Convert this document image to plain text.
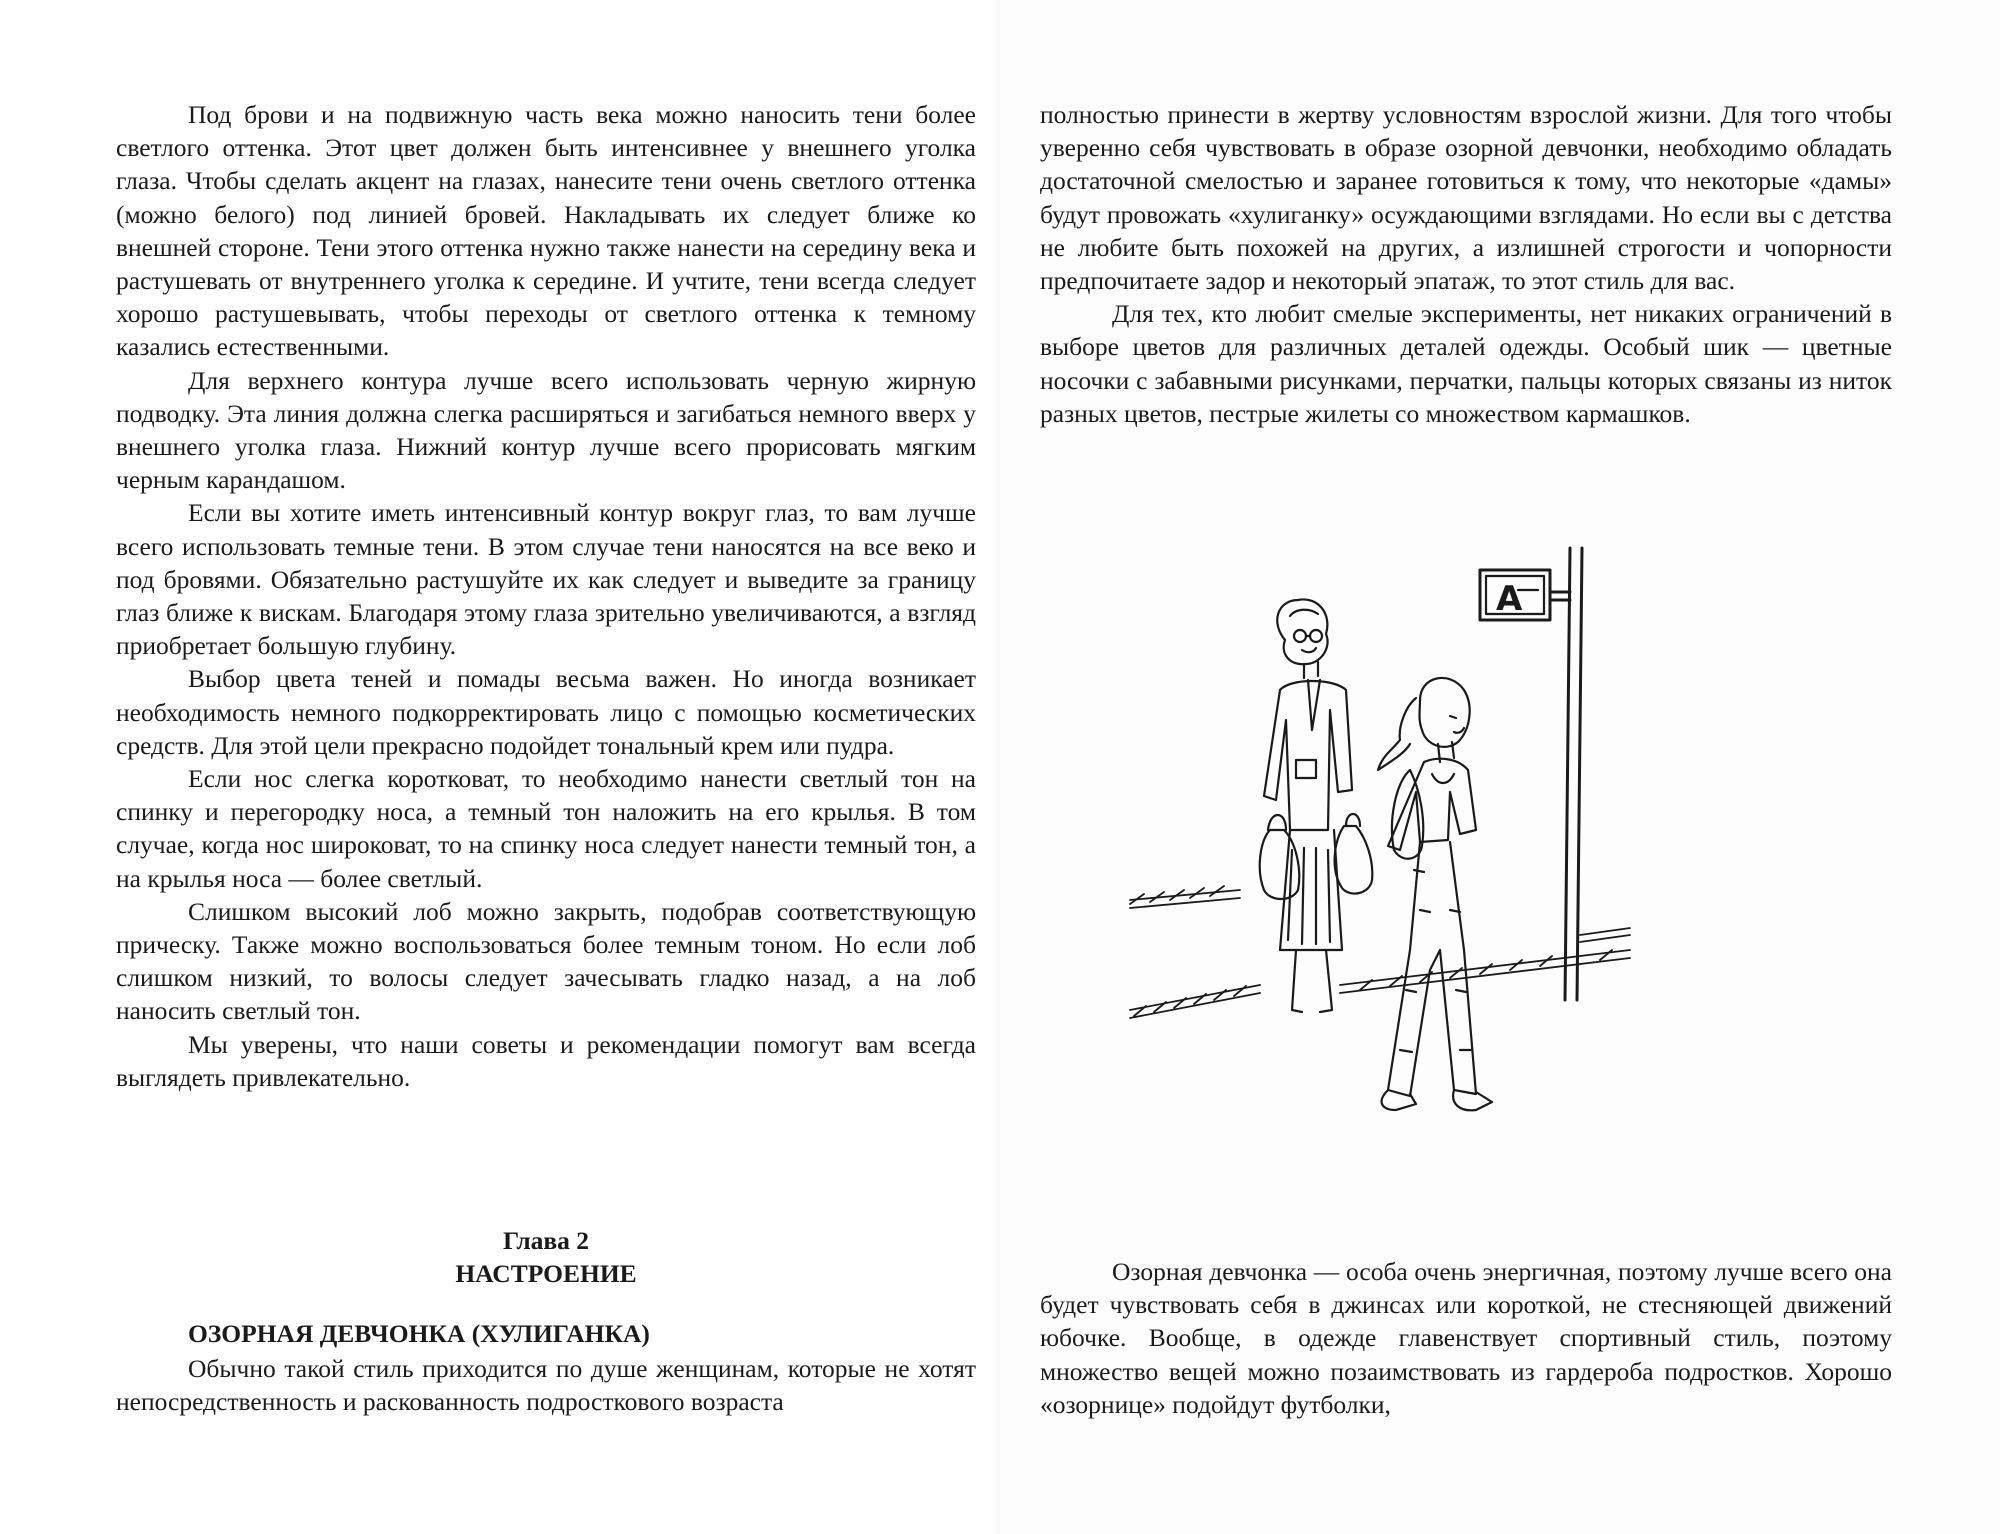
Под брови и на подвижную часть века можно наносить тени более светлого оттенка. Этот цвет должен быть интенсивнее у внешнего уголка глаза. Чтобы сделать акцент на глазах, нанесите тени очень светлого оттенка (можно белого) под линией бровей. Накладывать их следует ближе ко внешней стороне. Тени этого оттенка нужно также нанести на середину века и растушевать от внутреннего уголка к середине. И учтите, тени всегда следует хорошо растушевывать, чтобы переходы от светлого оттенка к темному казались естественными.

Для верхнего контура лучше всего использовать черную жирную подводку. Эта линия должна слегка расширяться и загибаться немного вверх у внешнего уголка глаза. Нижний контур лучше всего прорисовать мягким черным карандашом.

Если вы хотите иметь интенсивный контур вокруг глаз, то вам лучше всего использовать темные тени. В этом случае тени наносятся на все веко и под бровями. Обязательно растушуйте их как следует и выведите за границу глаз ближе к вискам. Благодаря этому глаза зрительно увеличиваются, а взгляд приобретает большую глубину.

Выбор цвета теней и помады весьма важен. Но иногда возникает необходимость немного подкорректировать лицо с помощью косметических средств. Для этой цели прекрасно подойдет тональный крем или пудра.

Если нос слегка коротковат, то необходимо нанести светлый тон на спинку и перегородку носа, а темный тон наложить на его крылья. В том случае, когда нос широковат, то на спинку носа следует нанести темный тон, а на крылья носа — более светлый.

Слишком высокий лоб можно закрыть, подобрав соответствующую прическу. Также можно воспользоваться более темным тоном. Но если лоб слишком низкий, то волосы следует зачесывать гладко назад, а на лоб наносить светлый тон.

Мы уверены, что наши советы и рекомендации помогут вам всегда выглядеть привлекательно.

Глава 2
НАСТРОЕНИЕ
ОЗОРНАЯ ДЕВЧОНКА (ХУЛИГАНКА)

Обычно такой стиль приходится по душе женщинам, которые не хотят непосредственность и раскованность подросткового возраста

полностью принести в жертву условностям взрослой жизни. Для того чтобы уверенно себя чувствовать в образе озорной девчонки, необходимо обладать достаточной смелостью и заранее готовиться к тому, что некоторые «дамы» будут провожать «хулиганку» осуждающими взглядами. Но если вы с детства не любите быть похожей на других, а излишней строгости и чопорности предпочитаете задор и некоторый эпатаж, то этот стиль для вас.

Для тех, кто любит смелые эксперименты, нет никаких ограничений в выборе цветов для различных деталей одежды. Особый шик — цветные носочки с забавными рисунками, перчатки, пальцы которых связаны из ниток разных цветов, пестрые жилеты со множеством кармашков.

A

Озорная девчонка — особа очень энергичная, поэтому лучше всего она будет чувствовать себя в джинсах или короткой, не стесняющей движений юбочке. Вообще, в одежде главенствует спортивный стиль, поэтому множество вещей можно позаимствовать из гардероба подростков. Хорошо «озорнице» подойдут футболки,
